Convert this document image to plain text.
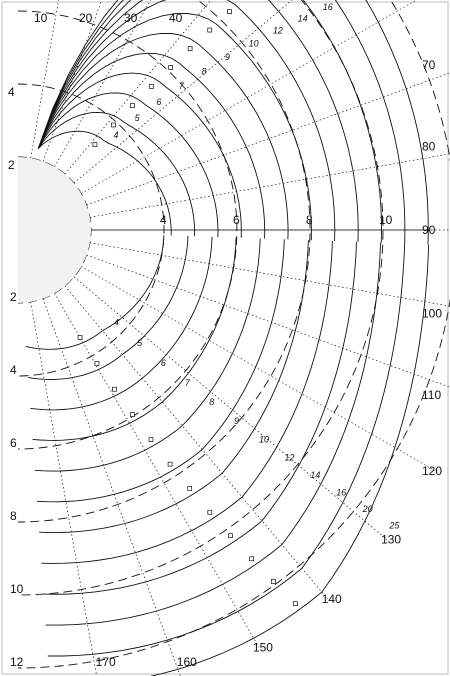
4
5
6
7
8
9
10
12
14
16
4
5
6
7
8
9
10
12
14
16
20
25
10	20	30	40
70
80
90
100
110
120
130
140
150
160
170
2
4
2
4
6
8
10
12
4	6	8	10
